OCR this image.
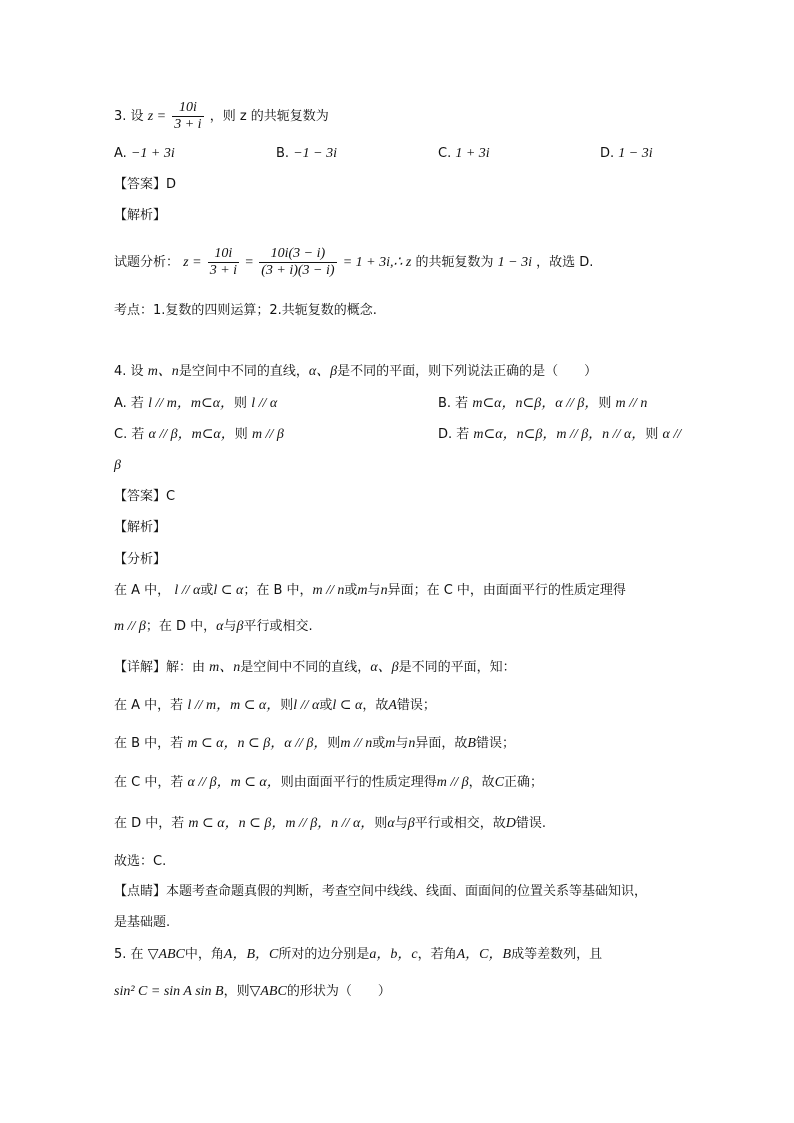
3. 设 $z = \frac{10i}{3 + i}$ ，则 z 的共轭复数为
A. −1 + 3i	B. −1 − 3i	C. 1 + 3i	D. 1 − 3i
【答案】D
【解析】
试题分析： $z = \frac{10i}{3 + i} = \frac{10i(3 - i)}{(3 + i)(3 - i)} = 1$ + 3i,∴ z 的共轭复数为 1 − 3i ，故选 D.
考点：1.复数的四则运算；2.共轭复数的概念.
4. 设 m、n是空间中不同的直线，α、β是不同的平面，则下列说法正确的是（　　）
A. 若 l // m，m⊂α，则 l // α	B. 若 m⊂α，n⊂β，α // β，则 m // n
C. 若 α // β，m⊂α，则 m // β	D. 若 m⊂α，n⊂β，m // β，n // α，则 α //
β
【答案】C
【解析】
【分析】
在 A 中， l // α或l ⊂ α；在 B 中，m // n或m与n异面；在 C 中，由面面平行的性质定理得
m // β；在 D 中，α与β平行或相交.
【详解】解：由 m、n是空间中不同的直线，α、β是不同的平面，知：
在 A 中，若 l // m，m ⊂ α，则l // α或l ⊂ α，故A错误；
在 B 中，若 m ⊂ α，n ⊂ β，α // β，则m // n或m与n异面，故B错误；
在 C 中，若 α // β，m ⊂ α，则由面面平行的性质定理得m // β，故C正确；
在 D 中，若 m ⊂ α，n ⊂ β，m // β，n // α，则α与β平行或相交，故D错误.
故选：C.
【点睛】本题考查命题真假的判断，考查空间中线线、线面、面面间的位置关系等基础知识，
是基础题.
5. 在 ▽ABC中，角A，B，C所对的边分别是a，b，c，若角A，C，B成等差数列，且
sin² C = sin A sin B，则▽ABC的形状为（　　）
